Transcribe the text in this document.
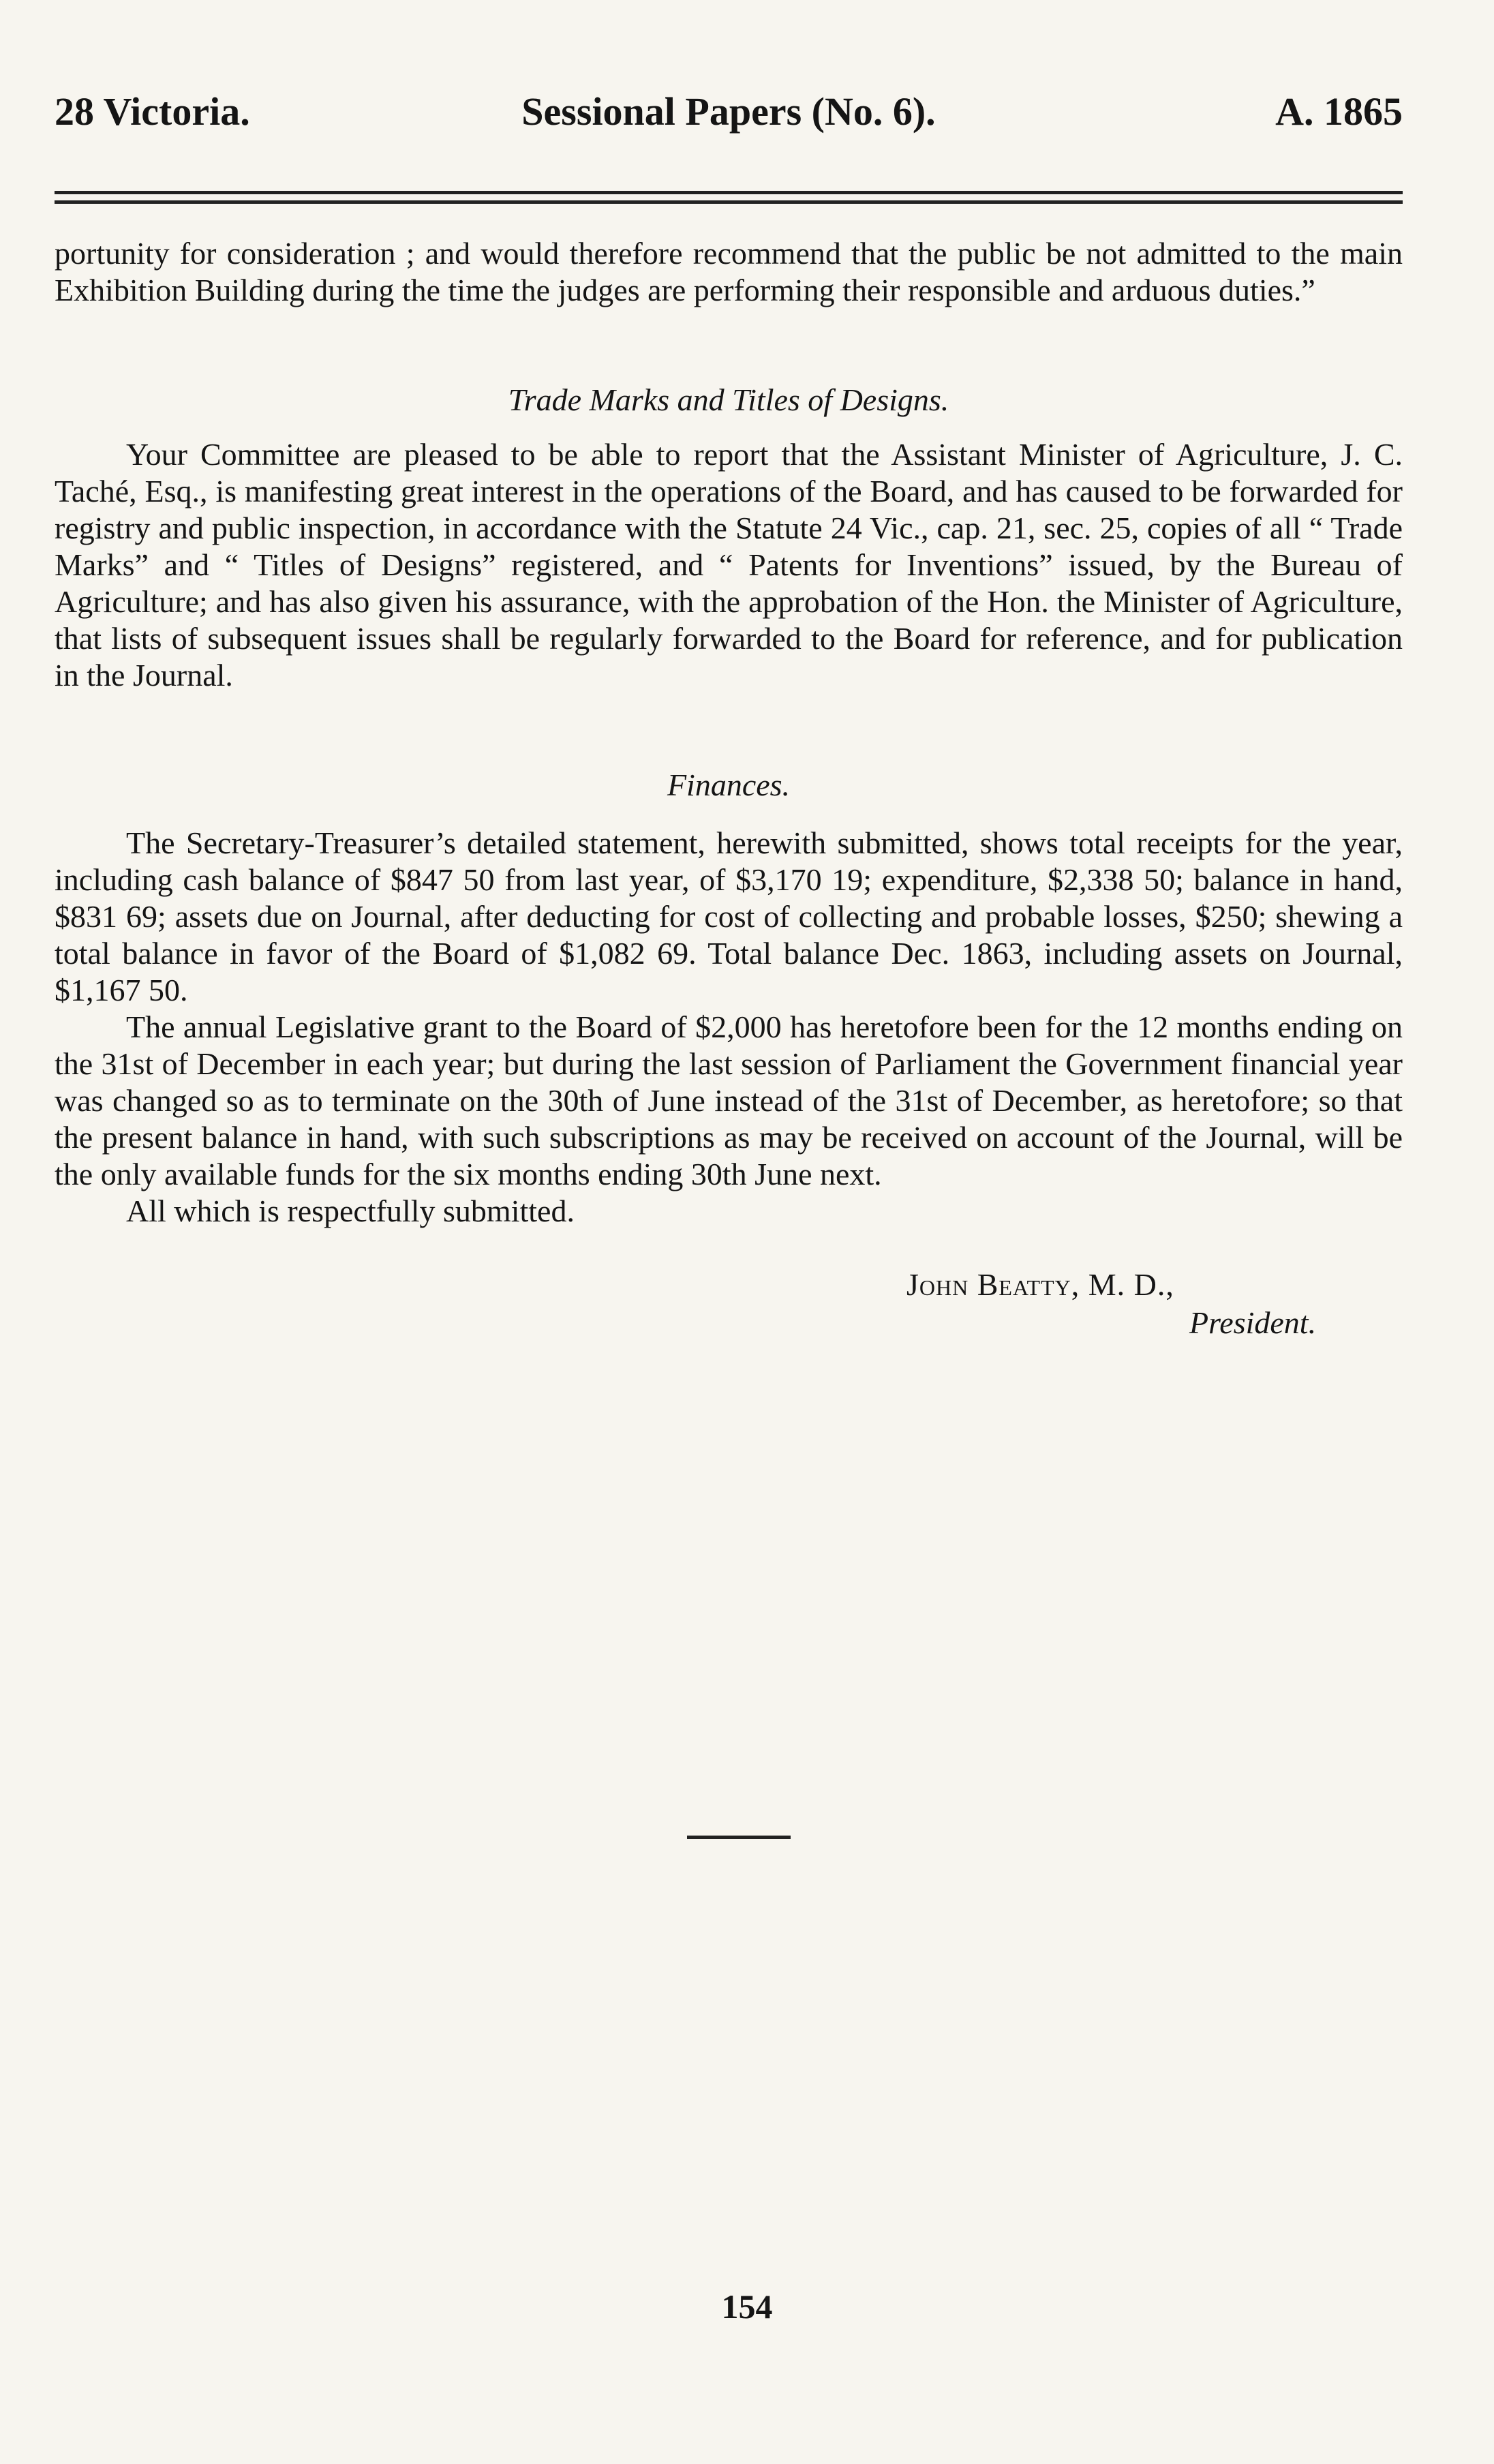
28 Victoria.	Sessional Papers (No. 6).	A. 1865

portunity for consideration ; and would therefore recommend that the public be not admitted to the main Exhibition Building during the time the judges are performing their responsible and arduous duties.”

Trade Marks and Titles of Designs.

Your Committee are pleased to be able to report that the Assistant Minister of Agriculture, J. C. Taché, Esq., is manifesting great interest in the operations of the Board, and has caused to be forwarded for registry and public inspection, in accordance with the Statute 24 Vic., cap. 21, sec. 25, copies of all “ Trade Marks” and “ Titles of Designs” registered, and “ Patents for Inventions” issued, by the Bureau of Agriculture; and has also given his assurance, with the approbation of the Hon. the Minister of Agriculture, that lists of subsequent issues shall be regularly forwarded to the Board for reference, and for publication in the Journal.

Finances.

The Secretary-Treasurer’s detailed statement, herewith submitted, shows total receipts for the year, including cash balance of $847 50 from last year, of $3,170 19; expenditure, $2,338 50; balance in hand, $831 69; assets due on Journal, after deducting for cost of collecting and probable losses, $250; shewing a total balance in favor of the Board of $1,082 69. Total balance Dec. 1863, including assets on Journal, $1,167 50.

The annual Legislative grant to the Board of $2,000 has heretofore been for the 12 months ending on the 31st of December in each year; but during the last session of Parliament the Government financial year was changed so as to terminate on the 30th of June instead of the 31st of December, as heretofore; so that the present balance in hand, with such subscriptions as may be received on account of the Journal, will be the only available funds for the six months ending 30th June next.

All which is respectfully submitted.

John Beatty, M. D.,
President.
154
